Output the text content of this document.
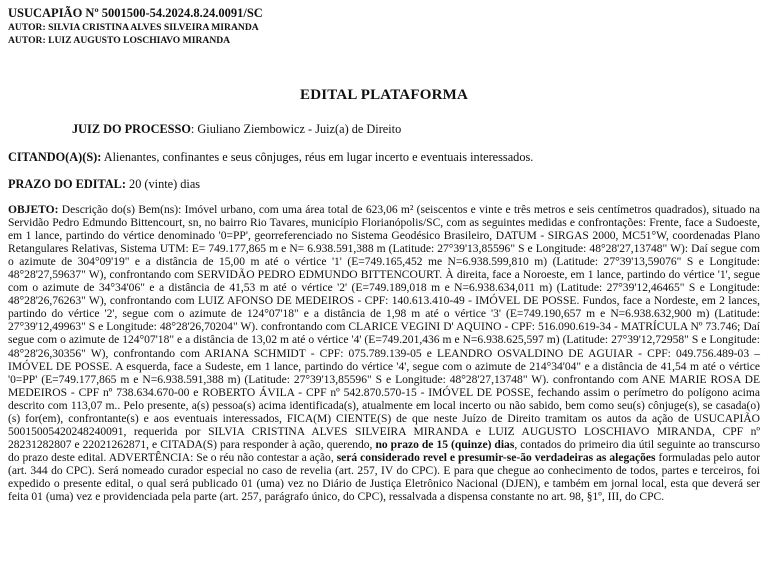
USUCAPIÃO Nº 5001500-54.2024.8.24.0091/SC

AUTOR: SILVIA CRISTINA ALVES SILVEIRA MIRANDA

AUTOR: LUIZ AUGUSTO LOSCHIAVO MIRANDA

EDITAL PLATAFORMA

JUIZ DO PROCESSO: Giuliano Ziembowicz - Juiz(a) de Direito

CITANDO(A)(S): Alienantes, confinantes e seus cônjuges, réus em lugar incerto e eventuais interessados.

PRAZO DO EDITAL: 20 (vinte) dias

OBJETO: Descrição do(s) Bem(ns): Imóvel urbano, com uma área total de 623,06 m² (seiscentos e vinte e três metros e seis centímetros quadrados), situado na Servidão Pedro Edmundo Bittencourt, sn, no bairro Rio Tavares, município Florianópolis/SC, com as seguintes medidas e confrontações: Frente, face a Sudoeste, em 1 lance, partindo do vértice denominado '0=PP', georreferenciado no Sistema Geodésico Brasileiro, DATUM - SIRGAS 2000, MC51°W, coordenadas Plano Retangulares Relativas, Sistema UTM: E= 749.177,865 m e N= 6.938.591,388 m (Latitude: 27°39'13,85596" S e Longitude: 48°28'27,13748" W): Daí segue com o azimute de 304°09'19" e a distância de 15,00 m até o vértice '1' (E=749.165,452 me N=6.938.599,810 m) (Latitude: 27°39'13,59076" S e Longitude: 48°28'27,59637" W), confrontando com SERVIDÃO PEDRO EDMUNDO BITTENCOURT. À direita, face a Noroeste, em 1 lance, partindo do vértice '1', segue com o azimute de 34°34'06" e a distância de 41,53 m até o vértice '2' (E=749.189,018 m e N=6.938.634,011 m) (Latitude: 27°39'12,46465" S e Longitude: 48°28'26,76263" W), confrontando com LUIZ AFONSO DE MEDEIROS - CPF: 140.613.410-49 - IMÓVEL DE POSSE. Fundos, face a Nordeste, em 2 lances, partindo do vértice '2', segue com o azimute de 124°07'18" e a distância de 1,98 m até o vértice '3' (E=749.190,657 m e N=6.938.632,900 m) (Latitude: 27°39'12,49963" S e Longitude: 48°28'26,70204" W). confrontando com CLARICE VEGINI D' AQUINO - CPF: 516.090.619-34 - MATRÍCULA Nº 73.746; Daí segue com o azimute de 124°07'18" e a distância de 13,02 m até o vértice '4' (E=749.201,436 m e N=6.938.625,597 m) (Latitude: 27°39'12,72958" S e Longitude: 48°28'26,30356" W), confrontando com ARIANA SCHMIDT - CPF: 075.789.139-05 e LEANDRO OSVALDINO DE AGUIAR - CPF: 049.756.489-03 – IMÓVEL DE POSSE. A esquerda, face a Sudeste, em 1 lance, partindo do vértice '4', segue com o azimute de 214°34'04" e a distância de 41,54 m até o vértice '0=PP' (E=749.177,865 m e N=6.938.591,388 m) (Latitude: 27°39'13,85596" S e Longitude: 48°28'27,13748" W). confrontando com ANE MARIE ROSA DE MEDEIROS - CPF nº 738.634.670-00 e ROBERTO ÁVILA - CPF nº 542.870.570-15 - IMÓVEL DE POSSE, fechando assim o perímetro do polígono acima descrito com 113,07 m.. Pelo presente, a(s) pessoa(s) acima identificada(s), atualmente em local incerto ou não sabido, bem como seu(s) cônjuge(s), se casada(o)(s) for(em), confrontante(s) e aos eventuais interessados, FICA(M) CIENTE(S) de que neste Juízo de Direito tramitam os autos da ação de USUCAPIÃO 50015005420248240091, requerida por SILVIA CRISTINA ALVES SILVEIRA MIRANDA e LUIZ AUGUSTO LOSCHIAVO MIRANDA, CPF nº 28231282807 e 22021262871, e CITADA(S) para responder à ação, querendo, no prazo de 15 (quinze) dias, contados do primeiro dia útil seguinte ao transcurso do prazo deste edital. ADVERTÊNCIA: Se o réu não contestar a ação, será considerado revel e presumir-se-ão verdadeiras as alegações formuladas pelo autor (art. 344 do CPC). Será nomeado curador especial no caso de revelia (art. 257, IV do CPC). E para que chegue ao conhecimento de todos, partes e terceiros, foi expedido o presente edital, o qual será publicado 01 (uma) vez no Diário de Justiça Eletrônico Nacional (DJEN), e também em jornal local, esta que deverá ser feita 01 (uma) vez e providenciada pela parte (art. 257, parágrafo único, do CPC), ressalvada a dispensa constante no art. 98, §1º, III, do CPC.
